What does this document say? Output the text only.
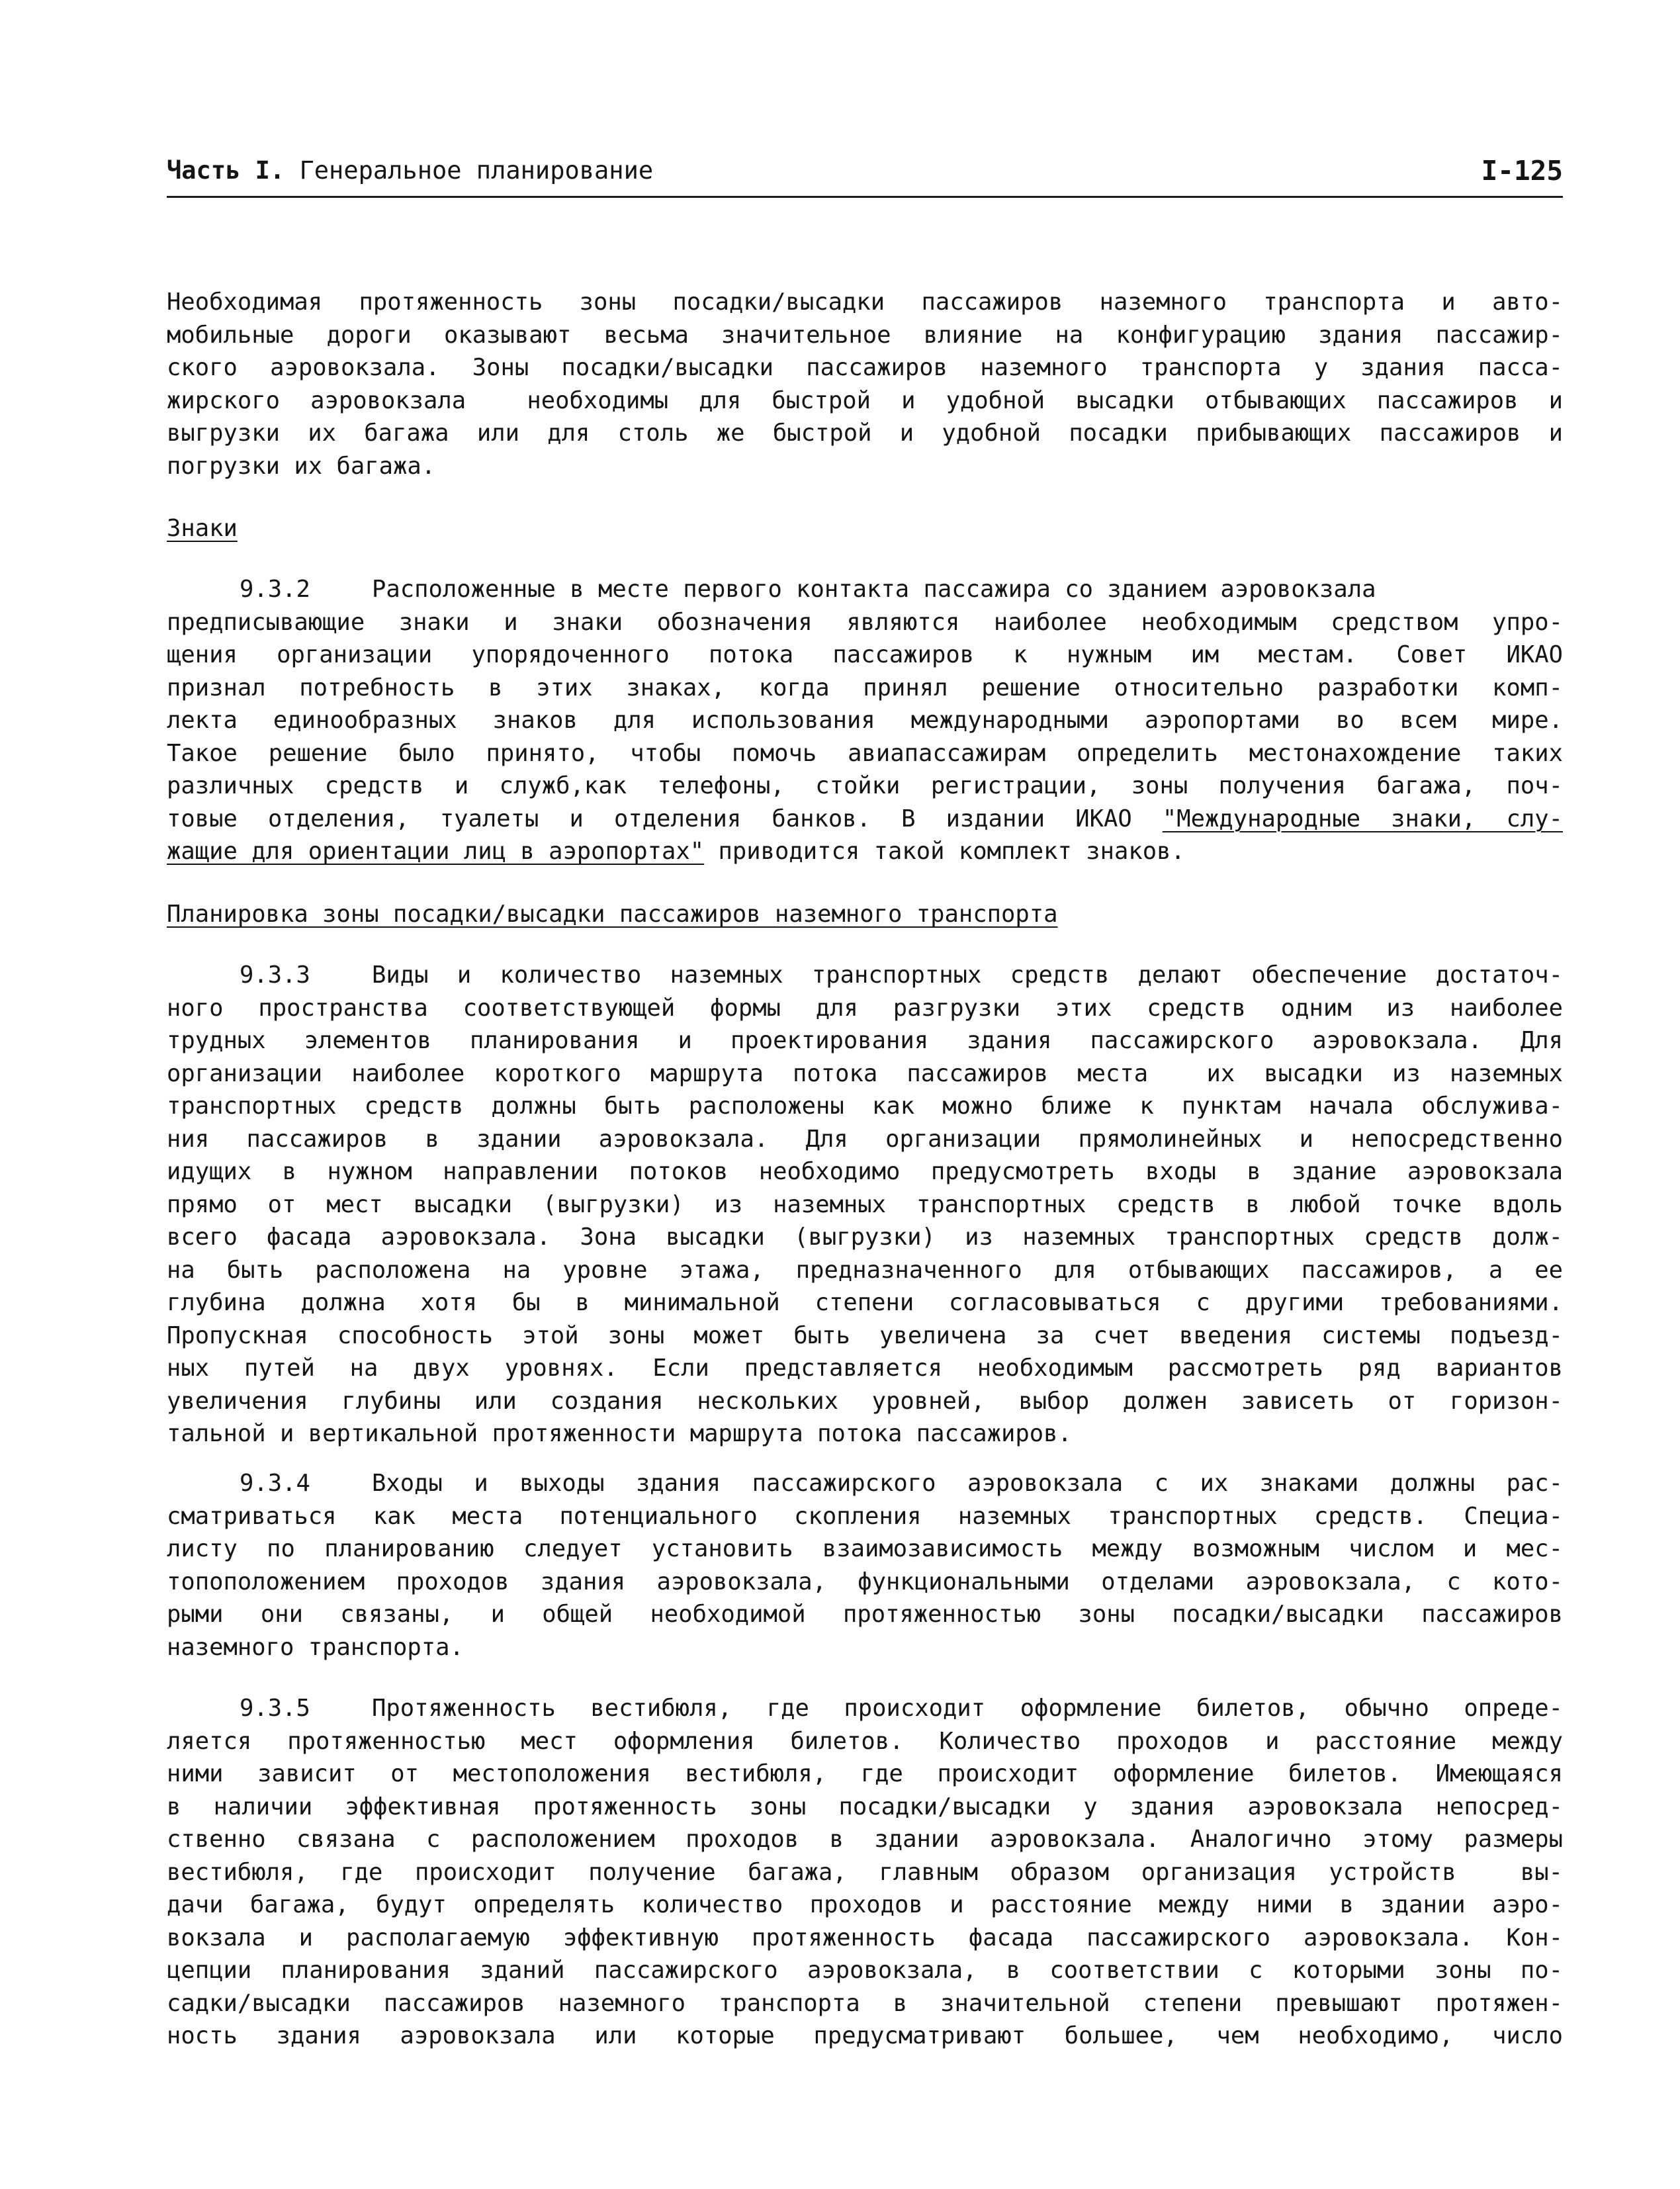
Часть I. Генеральное планирование	I-125
Необходимая протяженность зоны посадки/высадки пассажиров наземного транспорта и авто-
мобильные дороги оказывают весьма значительное влияние на конфигурацию здания пассажир-
ского аэровокзала. Зоны посадки/высадки пассажиров наземного транспорта у здания пасса-
жирского аэровокзала  необходимы для быстрой и удобной высадки отбывающих пассажиров и
выгрузки их багажа или для столь же быстрой и удобной посадки прибывающих пассажиров и
погрузки их багажа.
Знаки
9.3.2	Расположенные в месте первого контакта пассажира со зданием аэровокзала
предписывающие знаки и знаки обозначения являются наиболее необходимым средством упро-
щения организации упорядоченного потока пассажиров к нужным им местам. Совет ИКАО
признал потребность в этих знаках, когда принял решение относительно разработки комп-
лекта единообразных знаков для использования международными аэропортами во всем мире.
Такое решение было принято, чтобы помочь авиапассажирам определить местонахождение таких
различных средств и служб,как телефоны, стойки регистрации, зоны получения багажа, поч-
товые отделения, туалеты и отделения банков. В издании ИКАО "Международные знаки, слу-
жащие для ориентации лиц в аэропортах" приводится такой комплект знаков.
Планировка зоны посадки/высадки пассажиров наземного транспорта
9.3.3	Виды и количество наземных транспортных средств делают обеспечение достаточ-
ного пространства соответствующей формы для разгрузки этих средств одним из наиболее
трудных элементов планирования и проектирования здания пассажирского аэровокзала. Для
организации наиболее короткого маршрута потока пассажиров места  их высадки из наземных
транспортных средств должны быть расположены как можно ближе к пунктам начала обслужива-
ния пассажиров в здании аэровокзала. Для организации прямолинейных и непосредственно
идущих в нужном направлении потоков необходимо предусмотреть входы в здание аэровокзала
прямо от мест высадки (выгрузки) из наземных транспортных средств в любой точке вдоль
всего фасада аэровокзала. Зона высадки (выгрузки) из наземных транспортных средств долж-
на быть расположена на уровне этажа, предназначенного для отбывающих пассажиров, а ее
глубина должна хотя бы в минимальной степени согласовываться с другими требованиями.
Пропускная способность этой зоны может быть увеличена за счет введения системы подъезд-
ных путей на двух уровнях. Если представляется необходимым рассмотреть ряд вариантов
увеличения глубины или создания нескольких уровней, выбор должен зависеть от горизон-
тальной и вертикальной протяженности маршрута потока пассажиров.
9.3.4	Входы и выходы здания пассажирского аэровокзала с их знаками должны рас-
сматриваться как места потенциального скопления наземных транспортных средств. Специа-
листу по планированию следует установить взаимозависимость между возможным числом и мес-
топоположением проходов здания аэровокзала, функциональными отделами аэровокзала, с кото-
рыми они связаны, и общей необходимой протяженностью зоны посадки/высадки пассажиров
наземного транспорта.
9.3.5	Протяженность вестибюля, где происходит оформление билетов, обычно опреде-
ляется протяженностью мест оформления билетов. Количество проходов и расстояние между
ними зависит от местоположения вестибюля, где происходит оформление билетов. Имеющаяся
в наличии эффективная протяженность зоны посадки/высадки у здания аэровокзала непосред-
ственно связана с расположением проходов в здании аэровокзала. Аналогично этому размеры
вестибюля, где происходит получение багажа, главным образом организация устройств  вы-
дачи багажа, будут определять количество проходов и расстояние между ними в здании аэро-
вокзала и располагаемую эффективную протяженность фасада пассажирского аэровокзала. Кон-
цепции планирования зданий пассажирского аэровокзала, в соответствии с которыми зоны по-
садки/высадки пассажиров наземного транспорта в значительной степени превышают протяжен-
ность здания аэровокзала или которые предусматривают большее, чем необходимо, число
